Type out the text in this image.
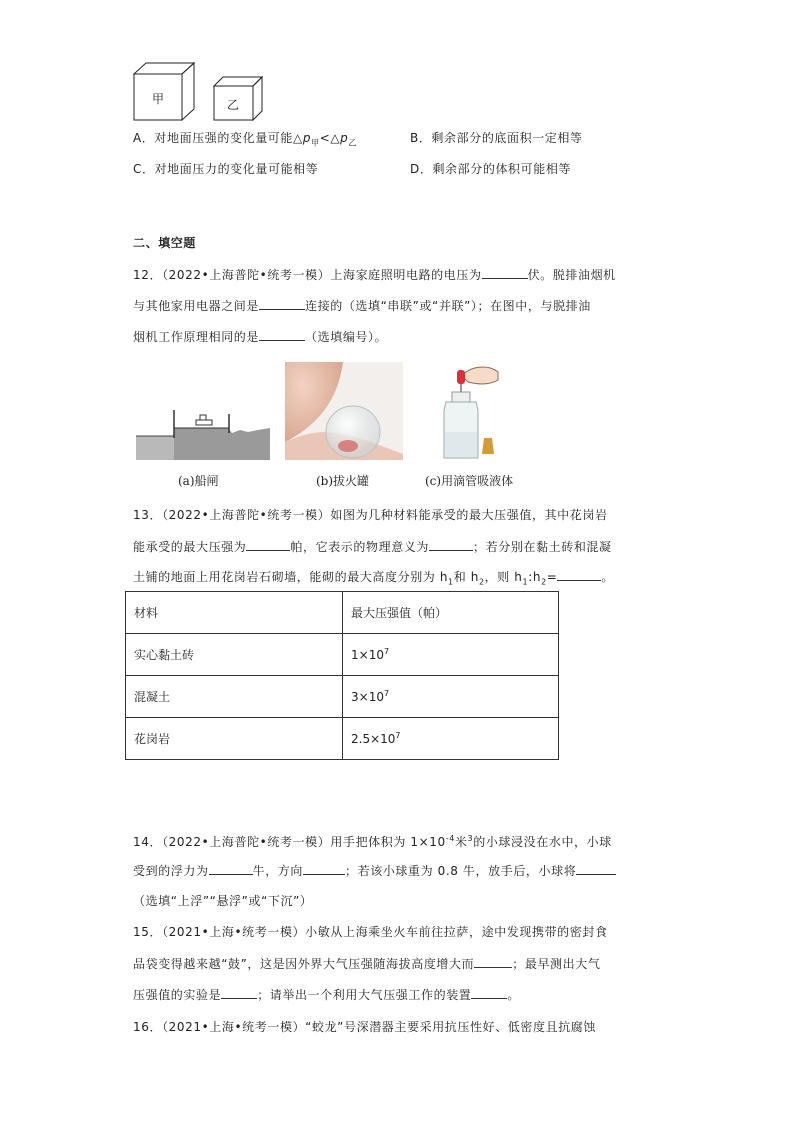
甲	乙
A．对地面压强的变化量可能$\triangle p_甲<\triangle p_乙$	B．剩余部分的底面积一定相等
C．对地面压力的变化量可能相等	D．剩余部分的体积可能相等
二、填空题
12．（2022•上海普陀•统考一模）上海家庭照明电路的电压为	伏。脱排油烟机
与其他家用电器之间是	连接的（选填“串联”或“并联”）；在图中，与脱排油
烟机工作原理相同的是	（选填编号）。
(a)船闸	(b)拔火罐	(c)用滴管吸液体
13．（2022•上海普陀•统考一模）如图为几种材料能承受的最大压强值，其中花岗岩
能承受的最大压强为	帕，它表示的物理意义为	；若分别在黏土砖和混凝
土铺的地面上用花岗岩石砌墙，能砌的最大高度分别为 $h_1$和 $h_2$，则 $h_1:h_2=$	。
材料	最大压强值（帕）
实心黏土砖	$1\times 10^7$
混凝土	$3\times 10^7$
花岗岩	$2.5\times 10^7$
14．（2022•上海普陀•统考一模）用手把体积为 $1\times 10^{-4}$米$^3$的小球浸没在水中，小球
受到的浮力为	牛，方向	；若该小球重为 0.8 牛，放手后，小球将
（选填“上浮”“悬浮”或“下沉”）
15．（2021•上海•统考一模）小敏从上海乘坐火车前往拉萨，途中发现携带的密封食
品袋变得越来越“鼓”，这是因外界大气压强随海拔高度增大而	；最早测出大气
压强值的实验是	；请举出一个利用大气压强工作的装置	。
16．（2021•上海•统考一模）“蛟龙”号深潜器主要采用抗压性好、低密度且抗腐蚀
